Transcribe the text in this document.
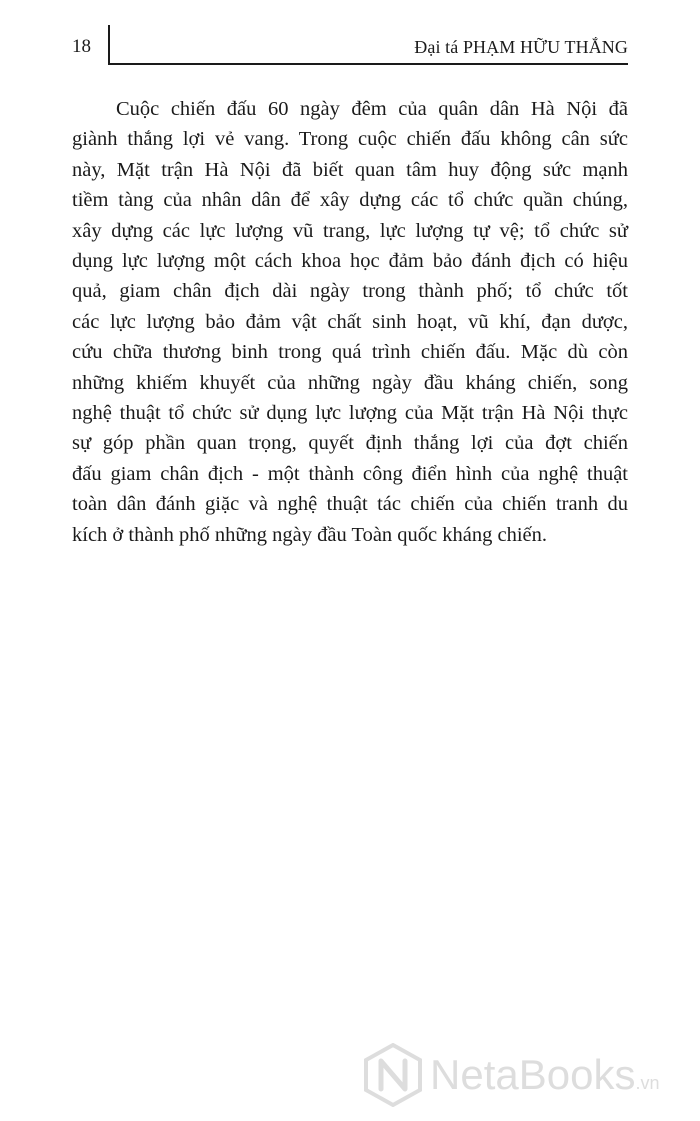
18	Đại tá PHẠM HỮU THẮNG
Cuộc chiến đấu 60 ngày đêm của quân dân Hà Nội đã
giành thắng lợi vẻ vang. Trong cuộc chiến đấu không cân sức
này, Mặt trận Hà Nội đã biết quan tâm huy động sức mạnh
tiềm tàng của nhân dân để xây dựng các tổ chức quần chúng,
xây dựng các lực lượng vũ trang, lực lượng tự vệ; tổ chức sử
dụng lực lượng một cách khoa học đảm bảo đánh địch có hiệu
quả, giam chân địch dài ngày trong thành phố; tổ chức tốt
các lực lượng bảo đảm vật chất sinh hoạt, vũ khí, đạn dược,
cứu chữa thương binh trong quá trình chiến đấu. Mặc dù còn
những khiếm khuyết của những ngày đầu kháng chiến, song
nghệ thuật tổ chức sử dụng lực lượng của Mặt trận Hà Nội thực
sự góp phần quan trọng, quyết định thắng lợi của đợt chiến
đấu giam chân địch - một thành công điển hình của nghệ thuật
toàn dân đánh giặc và nghệ thuật tác chiến của chiến tranh du
kích ở thành phố những ngày đầu Toàn quốc kháng chiến.
NetaBooks.vn
